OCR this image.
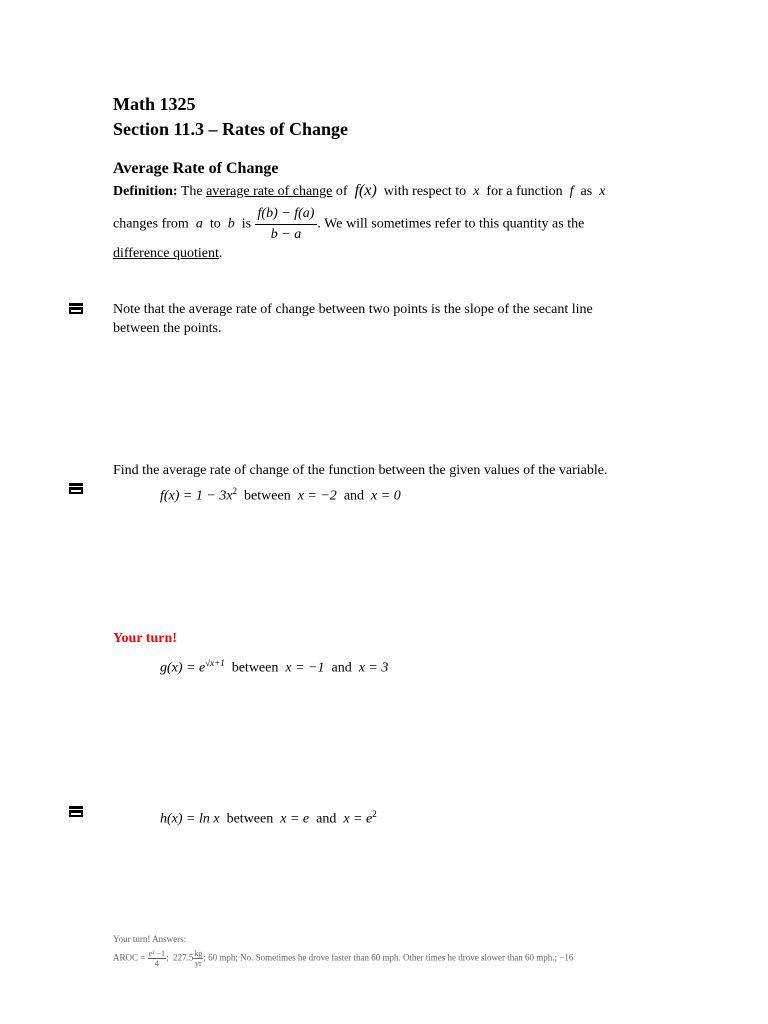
Math 1325
Section 11.3 – Rates of Change
Average Rate of Change
Definition: The average rate of change of f(x) with respect to x for a function f as x
changes from a to b is $\frac{f(b) - f(a)}{b - a}$ . We will sometimes refer to this quantity as the
difference quotient.
Note that the average rate of change between two points is the slope of the secant line
between the points.
Find the average rate of change of the function between the given values of the variable.
$f(x) = 1 - 3x^2$ between x = −2 and x = 0
Your turn!
$g(x) = e^{√x+1}$ between x = −1 and x = 3
h(x) = ln x between x = e and $x = e^2$
Your turn! Answers:
AROC = $\frac{\text{e² −1}}{4}$ ; $227.5 \frac{kg}{yr}$ ; 60 mph; No. Sometimes he drove faster than 60 mph. Other times he drove slower than 60 mph.; −16
